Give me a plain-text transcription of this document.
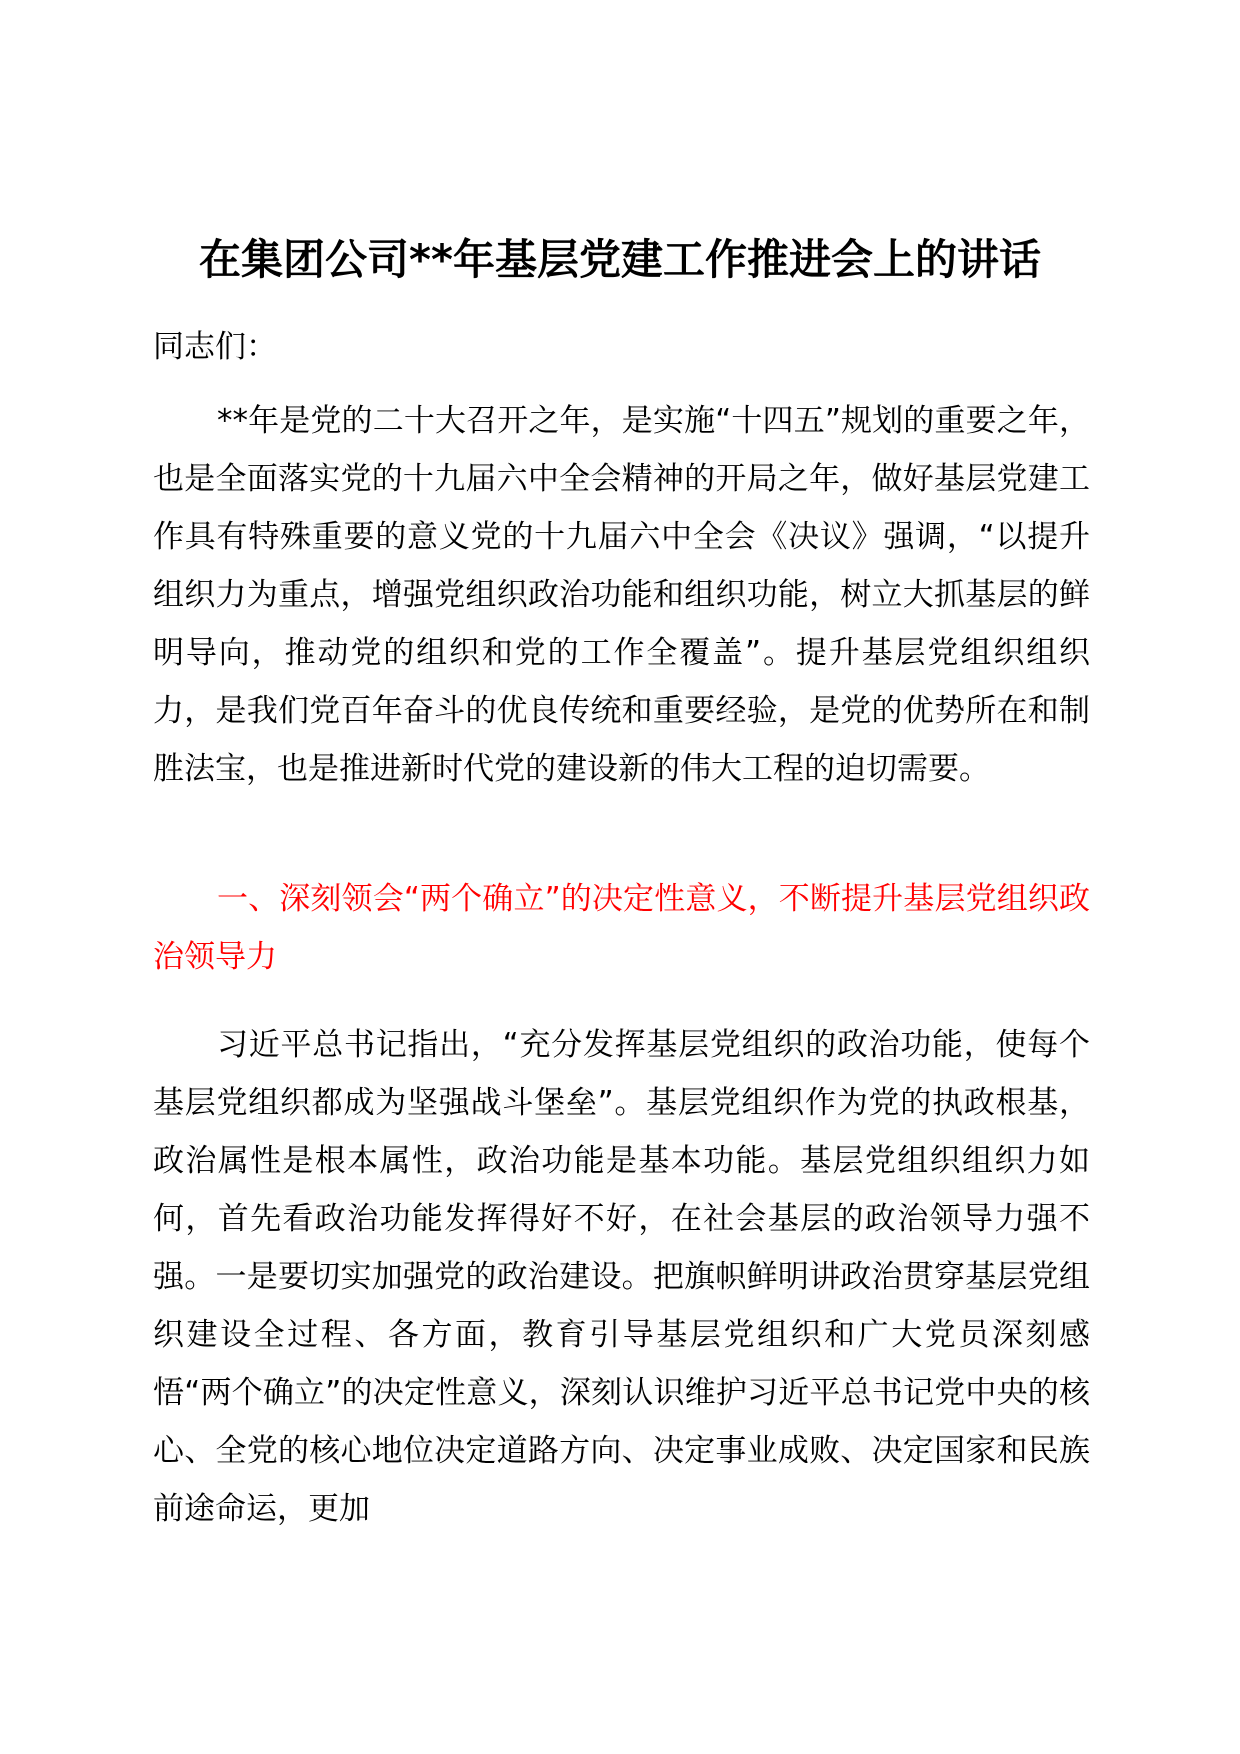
在集团公司**年基层党建工作推进会上的讲话
同志们：
**年是党的二十大召开之年，是实施“十四五”规划的重要之年，也是全面落实党的十九届六中全会精神的开局之年，做好基层党建工作具有特殊重要的意义党的十九届六中全会《决议》强调，“以提升组织力为重点，增强党组织政治功能和组织功能，树立大抓基层的鲜明导向，推动党的组织和党的工作全覆盖”。提升基层党组织组织力，是我们党百年奋斗的优良传统和重要经验，是党的优势所在和制胜法宝，也是推进新时代党的建设新的伟大工程的迫切需要。
一、深刻领会“两个确立”的决定性意义，不断提升基层党组织政治领导力
习近平总书记指出，“充分发挥基层党组织的政治功能，使每个基层党组织都成为坚强战斗堡垒”。基层党组织作为党的执政根基，政治属性是根本属性，政治功能是基本功能。基层党组织组织力如何，首先看政治功能发挥得好不好，在社会基层的政治领导力强不强。一是要切实加强党的政治建设。把旗帜鲜明讲政治贯穿基层党组织建设全过程、各方面，教育引导基层党组织和广大党员深刻感悟“两个确立”的决定性意义，深刻认识维护习近平总书记党中央的核心、全党的核心地位决定道路方向、决定事业成败、决定国家和民族前途命运，更加
